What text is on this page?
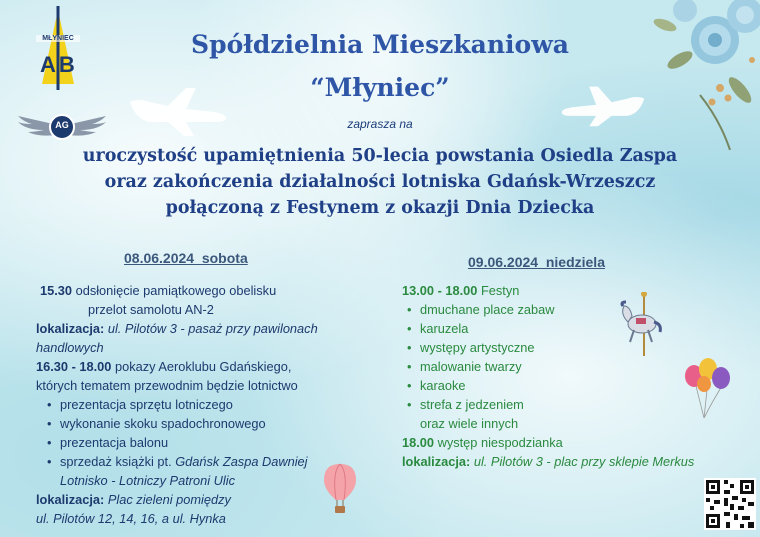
MŁYNIEC
AB
AG
Spółdzielnia Mieszkaniowa
“Młyniec”
zaprasza na
uroczystość upamiętnienia 50-lecia powstania Osiedla Zaspa
oraz zakończenia działalności lotniska Gdańsk-Wrzeszcz
połączoną z Festynem z okazji Dnia Dziecka
08.06.2024  sobota
15.30 odsłonięcie pamiątkowego obelisku
przelot samolotu AN-2
lokalizacja: ul. Pilotów 3 - pasaż przy pawilonach
handlowych
16.30 - 18.00 pokazy Aeroklubu Gdańskiego,
których tematem przewodnim będzie lotnictwo
• prezentacja sprzętu lotniczego
• wykonanie skoku spadochronowego
• prezentacja balonu
• sprzedaż książki pt. Gdańsk Zaspa Dawniej
Lotnisko - Lotniczy Patroni Ulic
lokalizacja: Plac zieleni pomiędzy
ul. Pilotów 12, 14, 16, a ul. Hynka
09.06.2024  niedziela
13.00 - 18.00 Festyn
• dmuchane place zabaw
• karuzela
• występy artystyczne
• malowanie twarzy
• karaoke
• strefa z jedzeniem
oraz wiele innych
18.00 występ niespodzianka
lokalizacja: ul. Pilotów 3 - plac przy sklepie Merkus
